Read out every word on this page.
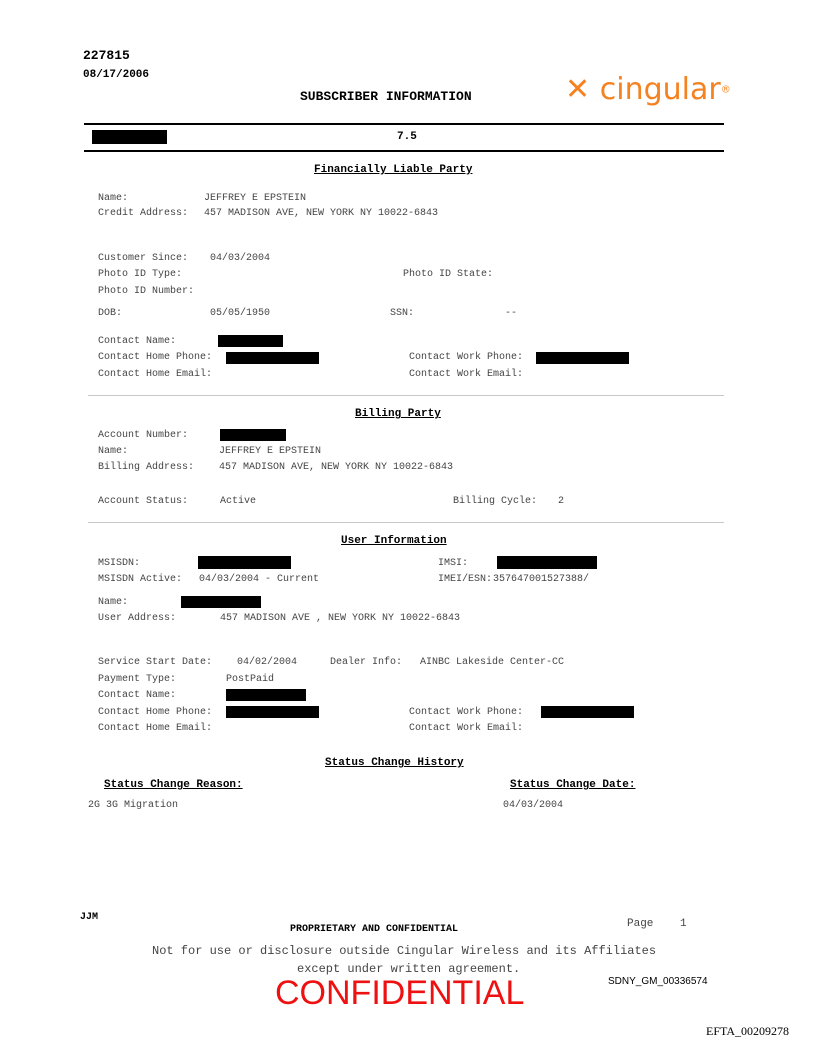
227815
08/17/2006
SUBSCRIBER INFORMATION	✕ cingular®
7.5
Financially Liable Party
Name:	JEFFREY E EPSTEIN
Credit Address: 457 MADISON AVE, NEW YORK NY 10022-6843
Customer Since: 04/03/2004
Photo ID Type:	Photo ID State:
Photo ID Number:
DOB:	05/05/1950	SSN:	--
Contact Name:
Contact Home Phone:	Contact Work Phone:
Contact Home Email:	Contact Work Email:
Billing Party
Account Number:
Name:	JEFFREY E EPSTEIN
Billing Address: 457 MADISON AVE, NEW YORK NY 10022-6843
Account Status:	Active	Billing Cycle: 2
User Information
MSISDN:	IMSI:
MSISDN Active: 04/03/2004 - Current	IMEI/ESN: 357647001527388/
Name:
User Address:	457 MADISON AVE , NEW YORK NY 10022-6843
Service Start Date: 04/02/2004	Dealer Info: AINBC Lakeside Center-CC
Payment Type:	PostPaid
Contact Name:
Contact Home Phone:	Contact Work Phone:
Contact Home Email:	Contact Work Email:
Status Change History
Status Change Reason:	Status Change Date:
2G 3G Migration	04/03/2004
JJM
PROPRIETARY AND CONFIDENTIAL	Page 1
Not for use or disclosure outside Cingular Wireless and its Affiliates
except under written agreement.
CONFIDENTIAL	SDNY_GM_00336574
EFTA_00209278
